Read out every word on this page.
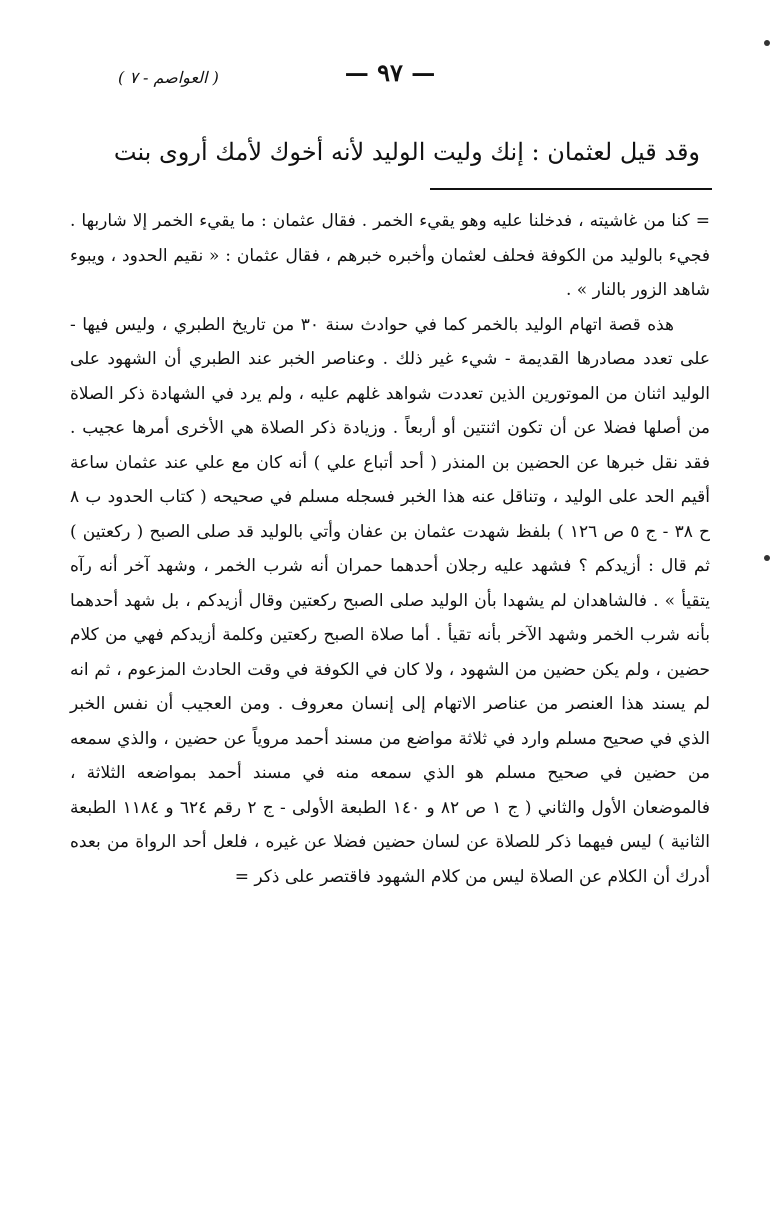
— ٩٧ —
( العواصم - ٧ )
وقد قيل لعثمان : إنك وليت الوليد لأنه أخوك لأمك أروى بنت

= كنا من غاشيته ، فدخلنا عليه وهو يقيء الخمر . فقال عثمان : ما يقيء الخمر إلا شاربها . فجيء بالوليد من الكوفة فحلف لعثمان وأخبره خبرهم ، فقال عثمان : « نقيم الحدود ، ويبوء شاهد الزور بالنار » .

هذه قصة اتهام الوليد بالخمر كما في حوادث سنة ٣٠ من تاريخ الطبري ، وليس فيها - على تعدد مصادرها القديمة - شيء غير ذلك . وعناصر الخبر عند الطبري أن الشهود على الوليد اثنان من الموتورين الذين تعددت شواهد غلهم عليه ، ولم يرد في الشهادة ذكر الصلاة من أصلها فضلا عن أن تكون اثنتين أو أربعاً . وزيادة ذكر الصلاة هي الأخرى أمرها عجيب . فقد نقل خبرها عن الحضين بن المنذر ( أحد أتباع علي ) أنه كان مع علي عند عثمان ساعة أقيم الحد على الوليد ، وتناقل عنه هذا الخبر فسجله مسلم في صحيحه ( كتاب الحدود ب ٨ ح ٣٨ - ج ٥ ص ١٢٦ ) بلفظ شهدت عثمان بن عفان وأتي بالوليد قد صلى الصبح ( ركعتين ) ثم قال : أزيدكم ؟ فشهد عليه رجلان أحدهما حمران أنه شرب الخمر ، وشهد آخر أنه رآه يتقيأ » . فالشاهدان لم يشهدا بأن الوليد صلى الصبح ركعتين وقال أزيدكم ، بل شهد أحدهما بأنه شرب الخمر وشهد الآخر بأنه تقيأ . أما صلاة الصبح ركعتين وكلمة أزيدكم فهي من كلام حضين ، ولم يكن حضين من الشهود ، ولا كان في الكوفة في وقت الحادث المزعوم ، ثم انه لم يسند هذا العنصر من عناصر الاتهام إلى إنسان معروف . ومن العجيب أن نفس الخبر الذي في صحيح مسلم وارد في ثلاثة مواضع من مسند أحمد مروياً عن حضين ، والذي سمعه من حضين في صحيح مسلم هو الذي سمعه منه في مسند أحمد بمواضعه الثلاثة ، فالموضعان الأول والثاني ( ج ١ ص ٨٢ و ١٤٠ الطبعة الأولى - ج ٢ رقم ٦٢٤ و ١١٨٤ الطبعة الثانية ) ليس فيهما ذكر للصلاة عن لسان حضين فضلا عن غيره ، فلعل أحد الرواة من بعده أدرك أن الكلام عن الصلاة ليس من كلام الشهود فاقتصر على ذكر =
